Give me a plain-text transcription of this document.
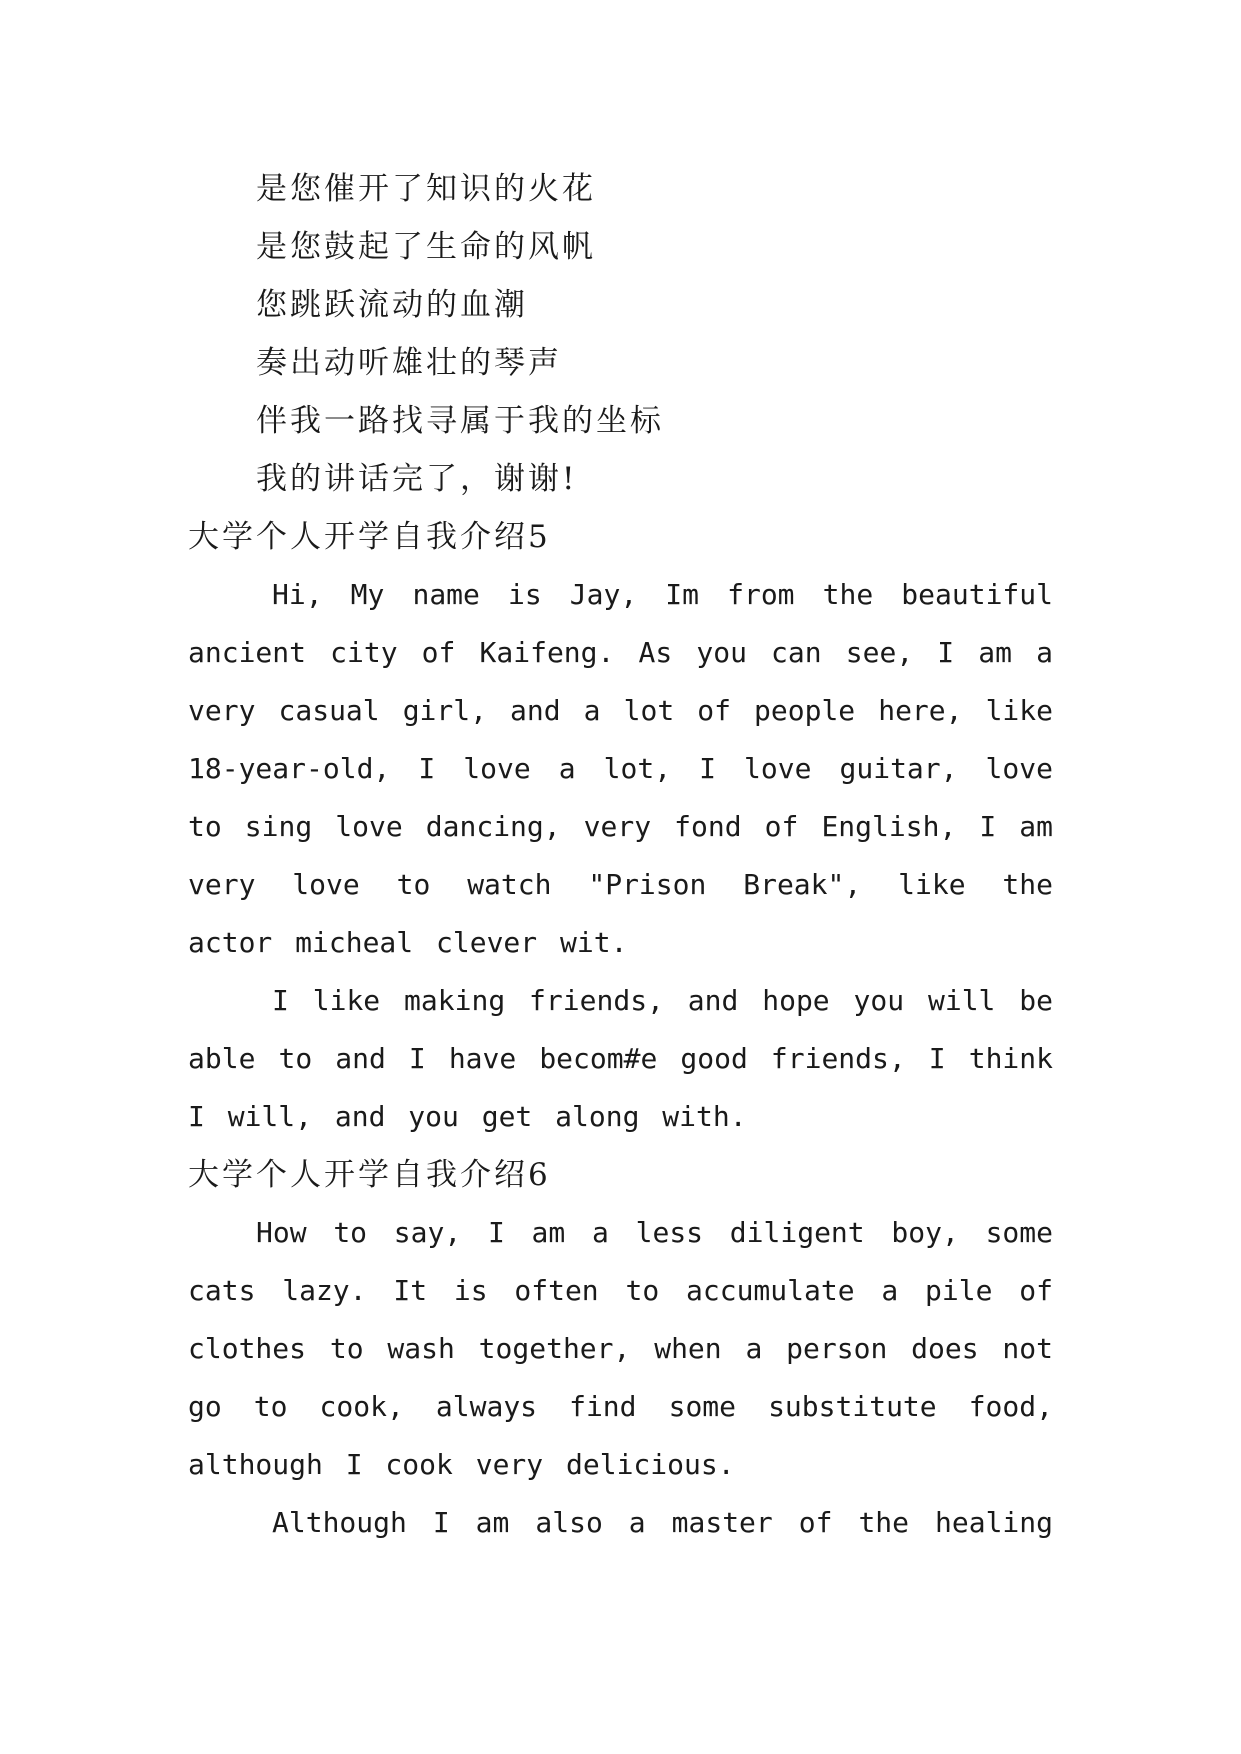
是您催开了知识的火花
是您鼓起了生命的风帆
您跳跃流动的血潮
奏出动听雄壮的琴声
伴我一路找寻属于我的坐标
我的讲话完了，谢谢!
大学个人开学自我介绍5

Hi, My name is Jay, Im from the beautiful ancient city of Kaifeng. As you can see, I am a very casual girl, and a lot of people here, like 18-year-old, I love a lot, I love guitar, love to sing love dancing, very fond of English, I am very love to watch "Prison Break", like the actor micheal clever wit.

I like making friends, and hope you will be able to and I have becom#e good friends, I think I will, and you get along with.

大学个人开学自我介绍6

How to say, I am a less diligent boy, some cats lazy. It is often to accumulate a pile of clothes to wash together, when a person does not go to cook, always find some substitute food, although I cook very delicious.

Although I am also a master of the healing
